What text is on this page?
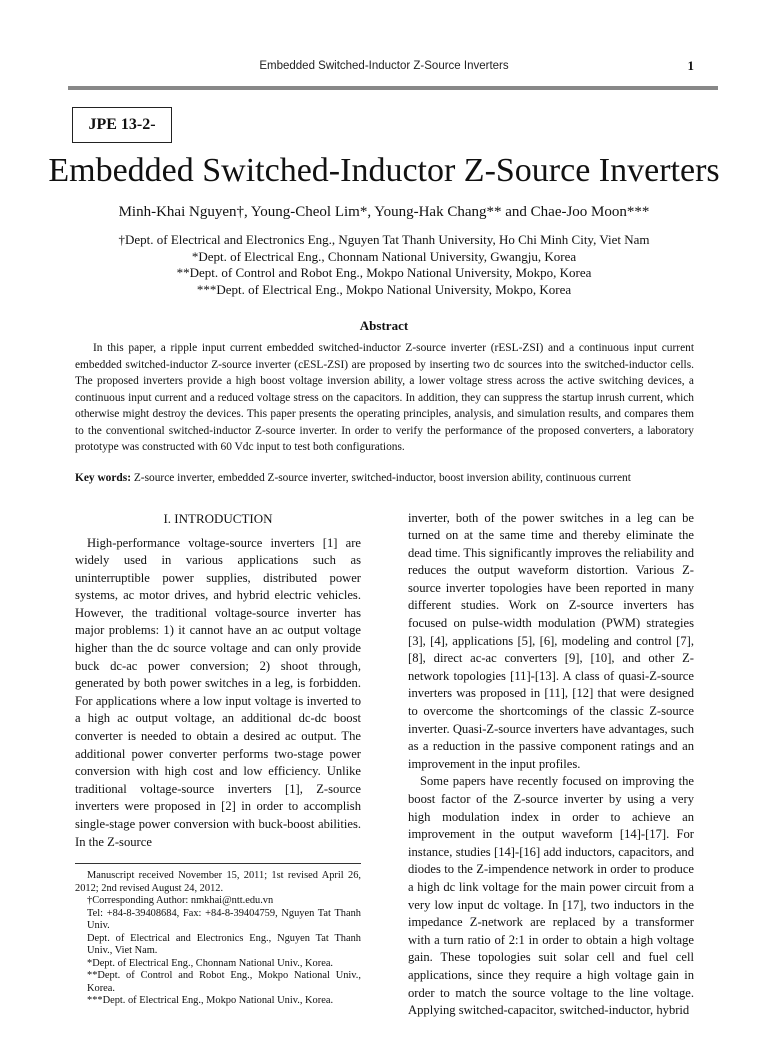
Embedded Switched-Inductor Z-Source Inverters	1
JPE 13-2-
Embedded Switched-Inductor Z-Source Inverters
Minh-Khai Nguyen†, Young-Cheol Lim*, Young-Hak Chang** and Chae-Joo Moon***
†Dept. of Electrical and Electronics Eng., Nguyen Tat Thanh University, Ho Chi Minh City, Viet Nam
*Dept. of Electrical Eng., Chonnam National University, Gwangju, Korea
**Dept. of Control and Robot Eng., Mokpo National University, Mokpo, Korea
***Dept. of Electrical Eng., Mokpo National University, Mokpo, Korea
Abstract
In this paper, a ripple input current embedded switched-inductor Z-source inverter (rESL-ZSI) and a continuous input current embedded switched-inductor Z-source inverter (cESL-ZSI) are proposed by inserting two dc sources into the switched-inductor cells. The proposed inverters provide a high boost voltage inversion ability, a lower voltage stress across the active switching devices, a continuous input current and a reduced voltage stress on the capacitors. In addition, they can suppress the startup inrush current, which otherwise might destroy the devices. This paper presents the operating principles, analysis, and simulation results, and compares them to the conventional switched-inductor Z-source inverter. In order to verify the performance of the proposed converters, a laboratory prototype was constructed with 60 Vdc input to test both configurations.
Key words: Z-source inverter, embedded Z-source inverter, switched-inductor, boost inversion ability, continuous current
I. INTRODUCTION

High-performance voltage-source inverters [1] are widely used in various applications such as uninterruptible power supplies, distributed power systems, ac motor drives, and hybrid electric vehicles. However, the traditional voltage-source inverter has major problems: 1) it cannot have an ac output voltage higher than the dc source voltage and can only provide buck dc-ac power conversion; 2) shoot through, generated by both power switches in a leg, is forbidden. For applications where a low input voltage is inverted to a high ac output voltage, an additional dc-dc boost converter is needed to obtain a desired ac output. The additional power converter performs two-stage power conversion with high cost and low efficiency. Unlike traditional voltage-source inverters [1], Z-source inverters were proposed in [2] in order to accomplish single-stage power conversion with buck-boost abilities. In the Z-source

Manuscript received November 15, 2011; 1st revised April 26, 2012; 2nd revised August 24, 2012.
†Corresponding Author: nmkhai@ntt.edu.vn
Tel: +84-8-39408684, Fax: +84-8-39404759, Nguyen Tat Thanh Univ.
Dept. of Electrical and Electronics Eng., Nguyen Tat Thanh Univ., Viet Nam.
*Dept. of Electrical Eng., Chonnam National Univ., Korea.
**Dept. of Control and Robot Eng., Mokpo National Univ., Korea.
***Dept. of Electrical Eng., Mokpo National Univ., Korea.

inverter, both of the power switches in a leg can be turned on at the same time and thereby eliminate the dead time. This significantly improves the reliability and reduces the output waveform distortion. Various Z-source inverter topologies have been reported in many different studies. Work on Z-source inverters has focused on pulse-width modulation (PWM) strategies [3], [4], applications [5], [6], modeling and control [7], [8], direct ac-ac converters [9], [10], and other Z-network topologies [11]-[13]. A class of quasi-Z-source inverters was proposed in [11], [12] that were designed to overcome the shortcomings of the classic Z-source inverter. Quasi-Z-source inverters have advantages, such as a reduction in the passive component ratings and an improvement in the input profiles.

Some papers have recently focused on improving the boost factor of the Z-source inverter by using a very high modulation index in order to achieve an improvement in the output waveform [14]-[17]. For instance, studies [14]-[16] add inductors, capacitors, and diodes to the Z-impendence network in order to produce a high dc link voltage for the main power circuit from a very low input dc voltage. In [17], two inductors in the impedance Z-network are replaced by a transformer with a turn ratio of 2:1 in order to obtain a high voltage gain. These topologies suit solar cell and fuel cell applications, since they require a high voltage gain in order to match the source voltage to the line voltage. Applying switched-capacitor, switched-inductor, hybrid
